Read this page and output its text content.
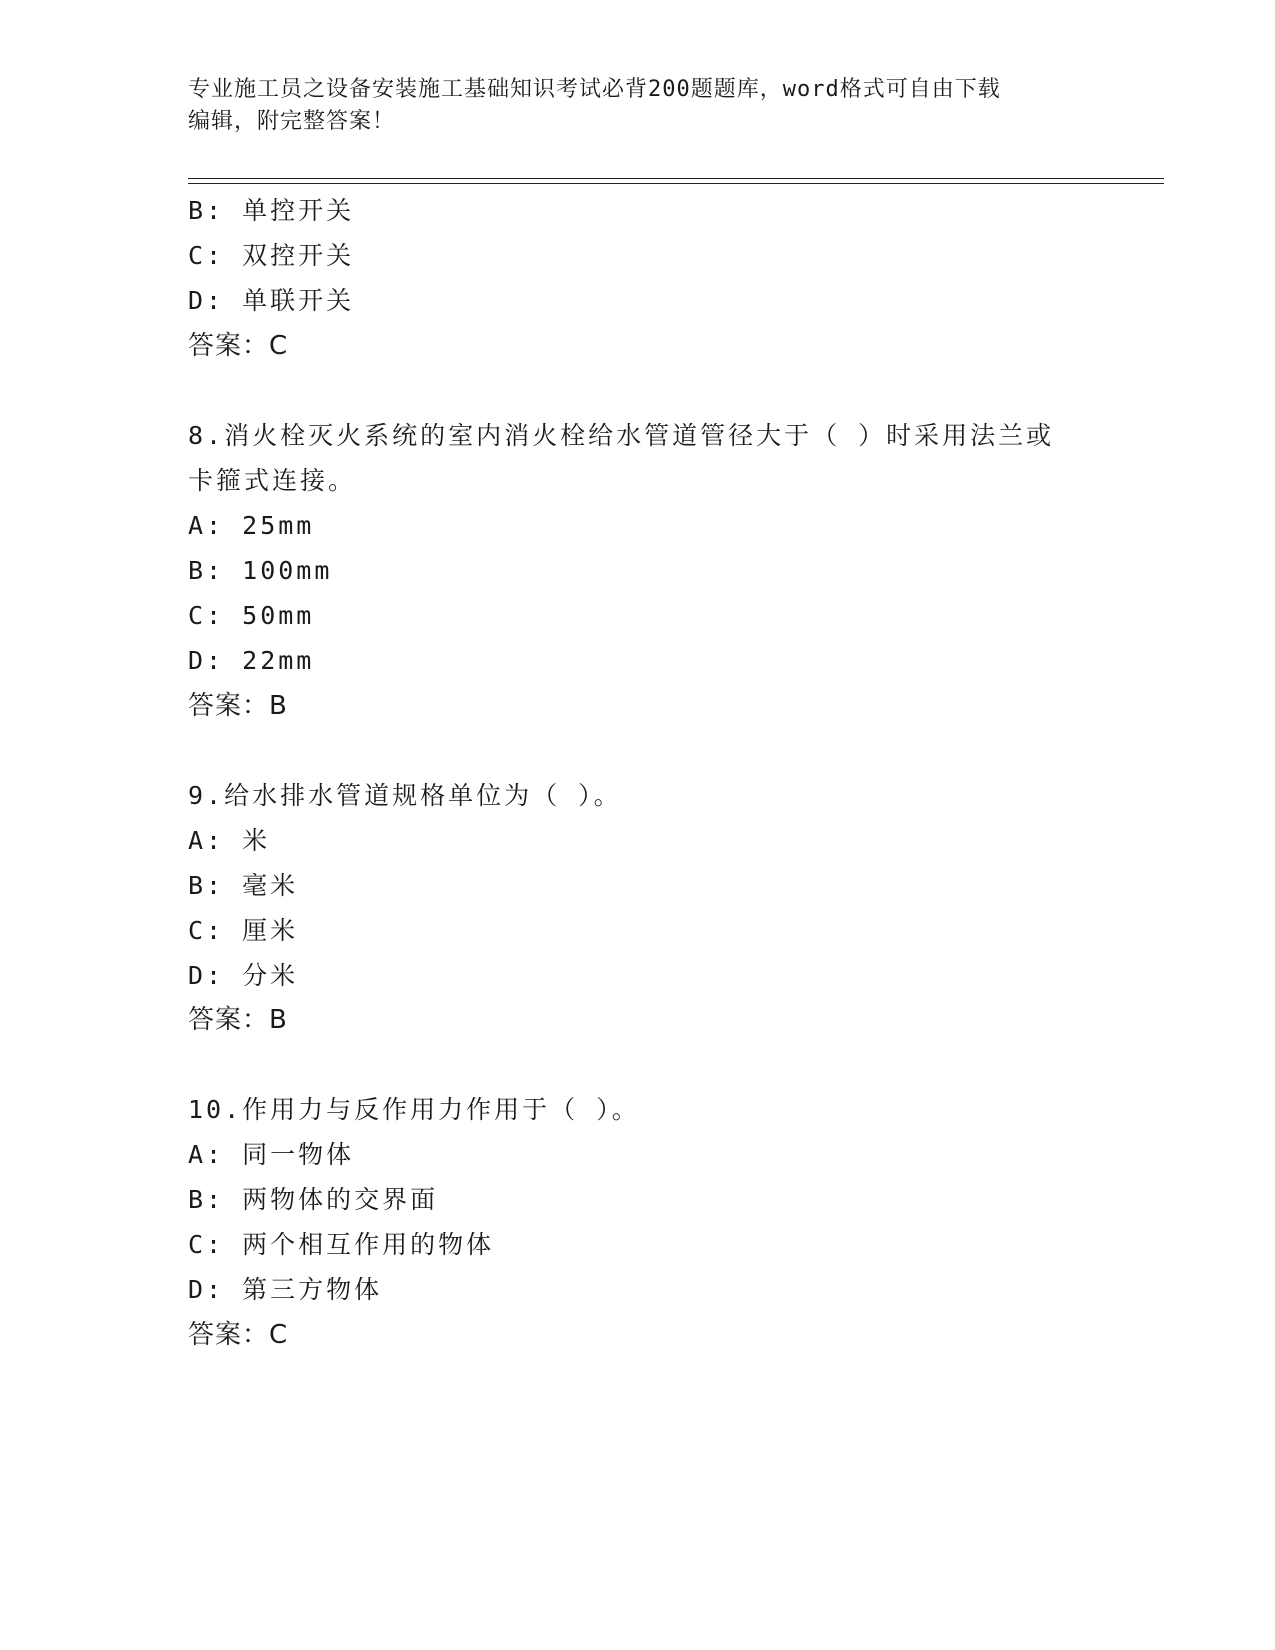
专业施工员之设备安装施工基础知识考试必背200题题库，word格式可自由下载
编辑，附完整答案！
B: 单控开关
C: 双控开关
D: 单联开关
答案：C
8.消火栓灭火系统的室内消火栓给水管道管径大于（ ）时采用法兰或
卡箍式连接。
A: 25mm
B: 100mm
C: 50mm
D: 22mm
答案：B
9.给水排水管道规格单位为（ ）。
A: 米
B: 毫米
C: 厘米
D: 分米
答案：B
10.作用力与反作用力作用于（ ）。
A: 同一物体
B: 两物体的交界面
C: 两个相互作用的物体
D: 第三方物体
答案：C
